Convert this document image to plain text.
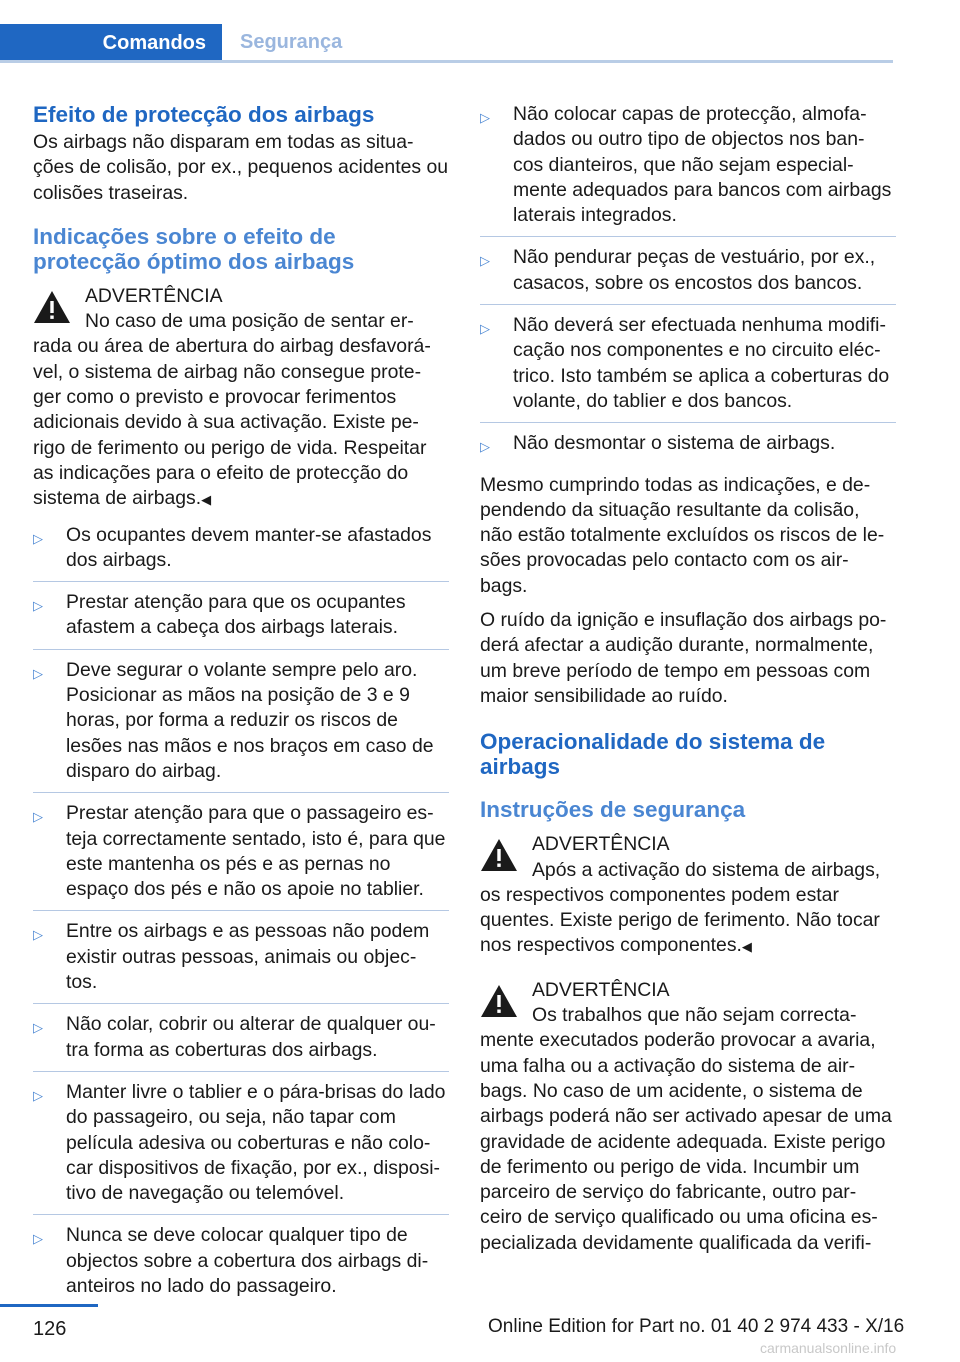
Comandos	Segurança
Efeito de protecção dos airbags

Os airbags não disparam em todas as situa‐ ções de colisão, por ex., pequenos acidentes ou colisões traseiras.

Indicações sobre o efeito de protecção óptimo dos airbags
ADVERTÊNCIA
No caso de uma posição de sentar er‐
rada ou área de abertura do airbag desfavorá‐ vel, o sistema de airbag não consegue prote‐ ger como o previsto e provocar ferimentos adicionais devido à sua activação. Existe pe‐ rigo de ferimento ou perigo de vida. Respeitar as indicações para o efeito de protecção do sistema de airbags.◀
▷ Os ocupantes devem manter-se afastados dos airbags.
▷ Prestar atenção para que os ocupantes afastem a cabeça dos airbags laterais.
▷ Deve segurar o volante sempre pelo aro. Posicionar as mãos na posição de 3 e 9 horas, por forma a reduzir os riscos de lesões nas mãos e nos braços em caso de disparo do airbag.
▷ Prestar atenção para que o passageiro es‐ teja correctamente sentado, isto é, para que este mantenha os pés e as pernas no espaço dos pés e não os apoie no tablier.
▷ Entre os airbags e as pessoas não podem existir outras pessoas, animais ou objec‐ tos.
▷ Não colar, cobrir ou alterar de qualquer ou‐ tra forma as coberturas dos airbags.
▷ Manter livre o tablier e o pára-brisas do lado do passageiro, ou seja, não tapar com película adesiva ou coberturas e não colo‐ car dispositivos de fixação, por ex., disposi‐ tivo de navegação ou telemóvel.
▷ Nunca se deve colocar qualquer tipo de objectos sobre a cobertura dos airbags di‐ anteiros no lado do passageiro.
▷ Não colocar capas de protecção, almofa‐ dados ou outro tipo de objectos nos ban‐ cos dianteiros, que não sejam especial‐ mente adequados para bancos com airbags laterais integrados.
▷ Não pendurar peças de vestuário, por ex., casacos, sobre os encostos dos bancos.
▷ Não deverá ser efectuada nenhuma modifi‐ cação nos componentes e no circuito eléc‐ trico. Isto também se aplica a coberturas do volante, do tablier e dos bancos.
▷ Não desmontar o sistema de airbags.

Mesmo cumprindo todas as indicações, e de‐ pendendo da situação resultante da colisão, não estão totalmente excluídos os riscos de le‐ sões provocadas pelo contacto com os air‐ bags.

O ruído da ignição e insuflação dos airbags po‐ derá afectar a audição durante, normalmente, um breve período de tempo em pessoas com maior sensibilidade ao ruído.

Operacionalidade do sistema de airbags
Instruções de segurança
ADVERTÊNCIA
Após a activação do sistema de airbags,
os respectivos componentes podem estar quentes. Existe perigo de ferimento. Não tocar nos respectivos componentes.◀
ADVERTÊNCIA
Os trabalhos que não sejam correcta‐
mente executados poderão provocar a avaria, uma falha ou a activação do sistema de air‐ bags. No caso de um acidente, o sistema de airbags poderá não ser activado apesar de uma gravidade de acidente adequada. Existe perigo de ferimento ou perigo de vida. Incumbir um parceiro de serviço do fabricante, outro par‐ ceiro de serviço qualificado ou uma oficina es‐ pecializada devidamente qualificada da verifi‐
126	Online Edition for Part no. 01 40 2 974 433 - X/16
carmanualsonline.info
